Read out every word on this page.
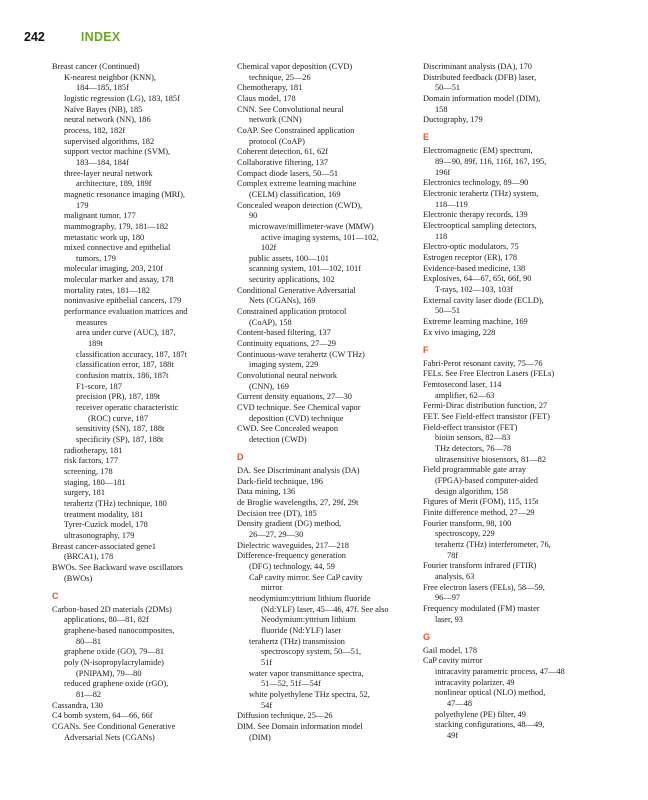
242	INDEX
Breast cancer (Continued)
K-nearest neighbor (KNN),
184—185, 185f
logistic regression (LG), 183, 185f
Naïve Bayes (NB), 185
neural network (NN), 186
process, 182, 182f
supervised algorithms, 182
support vector machine (SVM),
183—184, 184f
three-layer neural network
architecture, 189, 189f
magnetic resonance imaging (MRI),
179
malignant tumor, 177
mammography, 179, 181—182
metastatic work up, 180
mixed connective and epithelial
tumors, 179
molecular imaging, 203, 210f
molecular marker and assay, 178
mortality rates, 181—182
noninvasive epithelial cancers, 179
performance evaluation matrices and
measures
area under curve (AUC), 187,
189t
classification accuracy, 187, 187t
classification error, 187, 188t
confusion matrix, 186, 187t
F1-score, 187
precision (PR), 187, 189t
receiver operatic characteristic
(ROC) curve, 187
sensitivity (SN), 187, 188t
specificity (SP), 187, 188t
radiotherapy, 181
risk factors, 177
screening, 178
staging, 180—181
surgery, 181
terahertz (THz) technique, 180
treatment modality, 181
Tyrer-Cuzick model, 178
ultrasonography, 179
Breast cancer-associated gene1
(BRCA1), 178
BWOs. See Backward wave oscillators
(BWOs)
C
Carbon-based 2D materials (2DMs)
applications, 80—81, 82f
graphene-based nanocomposites,
80—81
graphene oxide (GO), 79—81
poly (N-isopropylacrylamide)
(PNIPAM), 79—80
reduced graphene oxide (rGO),
81—82
Cassandra, 130
C4 bomb system, 64—66, 66f
CGANs. See Conditional Generative
Adversarial Nets (CGANs)
Chemical vapor deposition (CVD)
technique, 25—26
Chemotherapy, 181
Claus model, 178
CNN. See Convolutional neural
network (CNN)
CoAP. See Constrained application
protocol (CoAP)
Coherent detection, 61, 62f
Collaborative filtering, 137
Compact diode lasers, 50—51
Complex extreme learning machine
(CELM) classification, 169
Concealed weapon detection (CWD),
90
microwave/millimeter-wave (MMW)
active imaging systems, 101—102,
102f
public assets, 100—101
scanning system, 101—102, 101f
security applications, 102
Conditional Generative Adversarial
Nets (CGANs), 169
Constrained application protocol
(CoAP), 158
Content-based filtering, 137
Continuity equations, 27—29
Continuous-wave terahertz (CW THz)
imaging system, 229
Convolutional neural network
(CNN), 169
Current density equations, 27—30
CVD technique. See Chemical vapor
deposition (CVD) technique
CWD. See Concealed weapon
detection (CWD)
D
DA. See Discriminant analysis (DA)
Dark-field technique, 196
Data mining, 136
de Broglie wavelengths, 27, 29f, 29t
Decision tree (DT), 185
Density gradient (DG) method,
26—27, 29—30
Dielectric waveguides, 217—218
Difference-frequency generation
(DFG) technology, 44, 59
CaP cavity mirror. See CaP cavity
mirror
neodymium:yttrium lithium fluoride
(Nd:YLF) laser, 45—46, 47f. See also
Neodymium:yttrium lithium
fluoride (Nd:YLF) laser
terahertz (THz) transmission
spectroscopy system, 50—51,
51f
water vapor transmittance spectra,
51—52, 51f—54f
white polyethylene THz spectra, 52,
54f
Diffusion technique, 25—26
DIM. See Domain information model
(DIM)
Discriminant analysis (DA), 170
Distributed feedback (DFB) laser,
50—51
Domain information model (DIM),
158
Ductography, 179
E
Electromagnetic (EM) spectrum,
89—90, 89f, 116, 116f, 167, 195,
196f
Electronics technology, 89—90
Electronic terahertz (THz) system,
118—119
Electronic therapy records, 139
Electrooptical sampling detectors,
118
Electro-optic modulators, 75
Estrogen receptor (ER), 178
Evidence-based medicine, 138
Explosives, 64—67, 65t, 66f, 90
T-rays, 102—103, 103f
External cavity laser diode (ECLD),
50—51
Extreme learning machine, 169
Ex vivo imaging, 228
F
Fabri-Perot resonant cavity, 75—76
FELs. See Free Electron Lasers (FELs)
Femtosecond laser, 114
amplifier, 62—63
Fermi-Dirac distribution function, 27
FET. See Field-effect transistor (FET)
Field-effect transistor (FET)
bioiin sensors, 82—83
THz detectors, 76—78
ultrasensitive biosensors, 81—82
Field programmable gate array
(FPGA)-based computer-aided
design algorithm, 158
Figures of Merit (FOM), 115, 115t
Finite difference method, 27—29
Fourier transform, 98, 100
spectroscopy, 229
terahertz (THz) interferometer, 76,
78f
Fourier transform infrared (FTIR)
analysis, 63
Free electron lasers (FELs), 58—59,
96—97
Frequency modulated (FM) master
laser, 93
G
Gail model, 178
CaP cavity mirror
intracavity parametric process, 47—48
intracavity polarizer, 49
nonlinear optical (NLO) method,
47—48
polyethylene (PE) filter, 49
stacking configurations, 48—49,
49f
